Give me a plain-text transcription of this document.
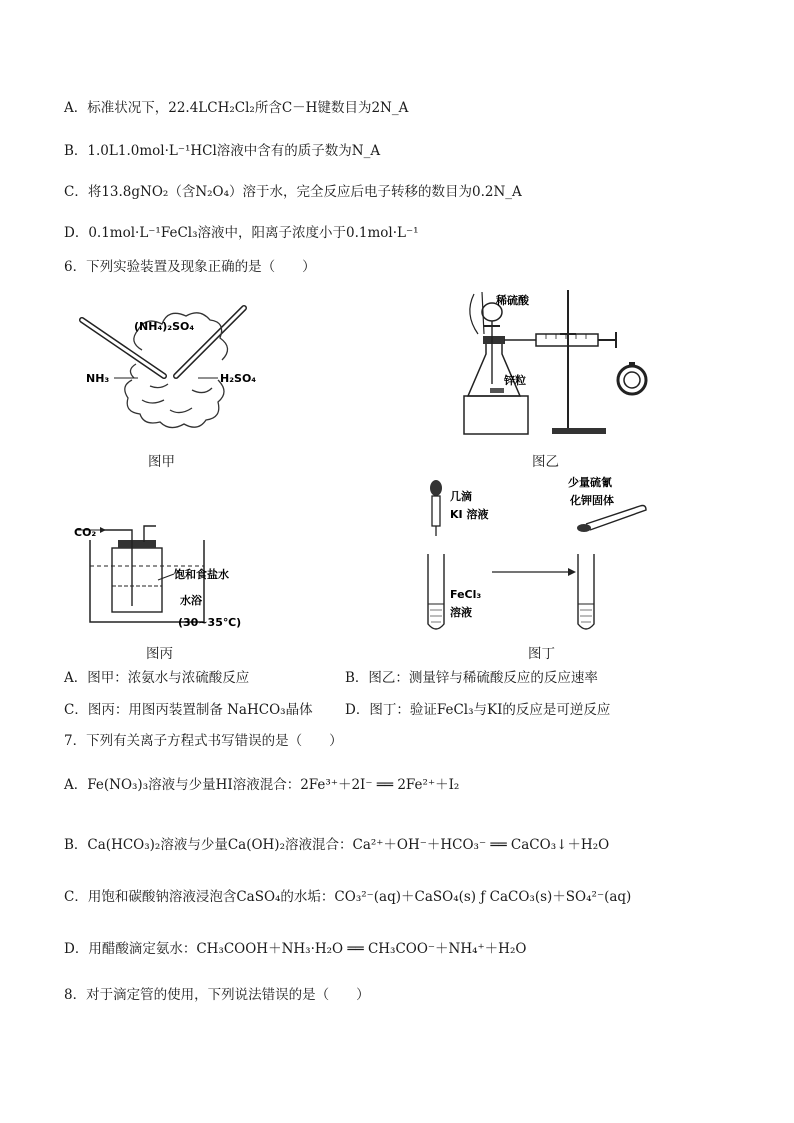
A．标准状况下，22.4LCH₂Cl₂所含C－H键数目为2N_A
B．1.0L1.0mol·L⁻¹HCl溶液中含有的质子数为N_A
C．将13.8gNO₂（含N₂O₄）溶于水，完全反应后电子转移的数目为0.2N_A
D．0.1mol·L⁻¹FeCl₃溶液中，阳离子浓度小于0.1mol·L⁻¹
6．下列实验装置及现象正确的是（　　）
(NH₄)₂SO₄
NH₃	H₂SO₄
图甲
稀硫酸
锌粒
图乙
CO₂
饱和食盐水
水浴
(30~35℃)
图丙
几滴
KI 溶液
FeCl₃
溶液
少量硫氰
化钾固体
图丁
A．图甲：浓氨水与浓硫酸反应	B．图乙：测量锌与稀硫酸反应的反应速率
C．图丙：用图丙装置制备 NaHCO₃晶体 D．图丁：验证FeCl₃与KI的反应是可逆反应
7．下列有关离子方程式书写错误的是（　　）
A．Fe(NO₃)₃溶液与少量HI溶液混合：2Fe³⁺＋2I⁻ ══ 2Fe²⁺＋I₂
B．Ca(HCO₃)₂溶液与少量Ca(OH)₂溶液混合：Ca²⁺＋OH⁻＋HCO₃⁻ ══ CaCO₃↓＋H₂O
C．用饱和碳酸钠溶液浸泡含CaSO₄的水垢：CO₃²⁻(aq)＋CaSO₄(s) ƒ CaCO₃(s)＋SO₄²⁻(aq)
D．用醋酸滴定氨水：CH₃COOH＋NH₃·H₂O ══ CH₃COO⁻＋NH₄⁺＋H₂O
8．对于滴定管的使用，下列说法错误的是（　　）
